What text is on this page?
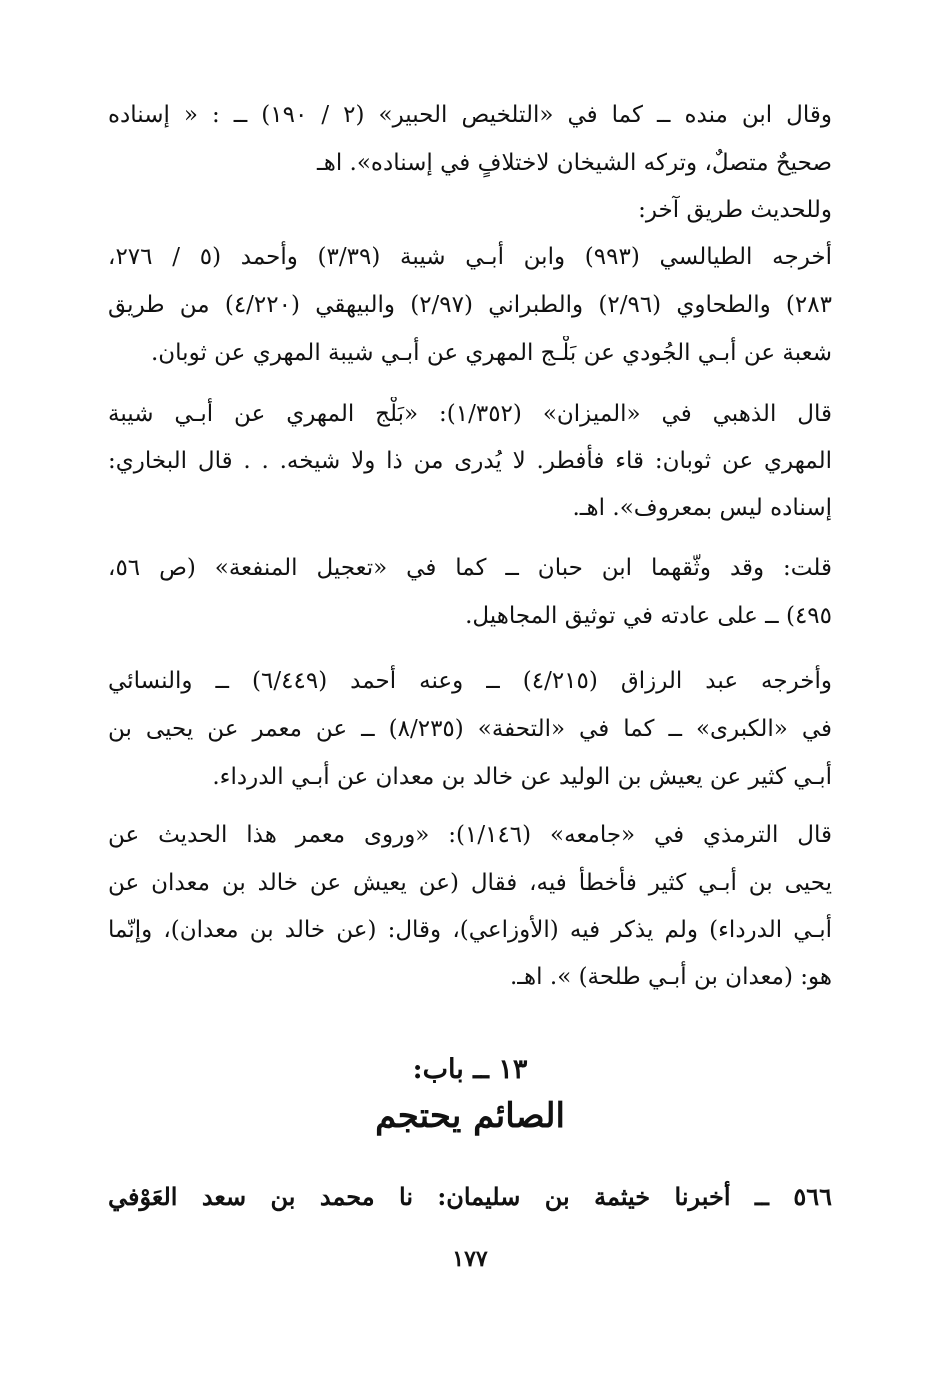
وقال ابن منده ــ كما في «التلخيص الحبير» (٢ / ١٩٠) ــ : « إسناده
صحيحٌ متصلٌ، وتركه الشيخان لاختلافٍ في إسناده». اهـ
وللحديث طريق آخر:
أخرجه الطيالسي (٩٩٣) وابن أبـي شيبة (٣/٣٩) وأحمد (٥ / ٢٧٦،
٢٨٣) والطحاوي (٢/٩٦) والطبراني (٢/٩٧) والبيهقي (٤/٢٢٠) من طريق
شعبة عن أبـي الجُودي عن بَلْـج المهري عن أبـي شيبة المهري عن ثوبان.
قال الذهبي في «الميزان» (١/٣٥٢): «بَلْج المهري عن أبـي شيبة
المهري عن ثوبان: قاء فأفطر. لا يُدرى من ذا ولا شيخه. . . قال البخاري:
إسناده ليس بمعروف». اهـ.
قلت: وقد وثّقهما ابن حبان ــ كما في «تعجيل المنفعة» (ص ٥٦،
٤٩٥) ــ على عادته في توثيق المجاهيل.
وأخرجه عبد الرزاق (٤/٢١٥) ــ وعنه أحمد (٦/٤٤٩) ــ والنسائي
في «الكبرى» ــ كما في «التحفة» (٨/٢٣٥) ــ عن معمر عن يحيى بن
أبـي كثير عن يعيش بن الوليد عن خالد بن معدان عن أبـي الدرداء.
قال الترمذي في «جامعه» (١/١٤٦): «وروى معمر هذا الحديث عن
يحيى بن أبـي كثير فأخطأ فيه، فقال (عن يعيش عن خالد بن معدان عن
أبـي الدرداء) ولم يذكر فيه (الأوزاعي)، وقال: (عن خالد بن معدان)، وإنّما
هو: (معدان بن أبـي طلحة) ». اهـ.
١٣ ــ باب:
الصائم يحتجم
٥٦٦ ــ أخبرنا خيثمة بن سليمان: نا محمد بن سعد العَوْفي
١٧٧
